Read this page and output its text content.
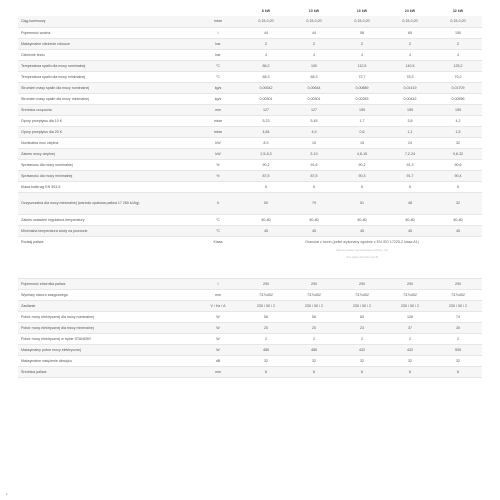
		8 kW	10 kW	16 kW	24 kW	32 kW
Ciąg kominowy	mbar	0,15-0,20	0,15-0,20	0,15-0,20	0,15-0,20	0,15-0,20
Pojemność wodna	l	44	44	58	65	150
Maksymalne ciśnienie robocze	bar	2	2	2	2	2
Ciśnienie testu	bar	4	4	4	4	4
Temperatura spalin dla mocy nominalnej	°C	86,2	100	112,5	140,5	125,2
Temperatura spalin dla mocy minimalnej	°C	68,3	68,3	72,7	78,3	79,2
Strumień masy spalin dla mocy nominalnej	kg/s	0,00542	0,00644	0,00889	0,01419	0,01709
Strumień masy spalin dla mocy minimalnej	kg/s	0,00301	0,00301	0,00283	0,00442	0,00556
Średnica czopucha	mm	127	127	159	159	159
Opory przepływu dla 10 K	mbar	5,23	5,45	1,7	3,8	4,2
Opory przepływu dla 20 K	mbar	4,84	4,9	0,6	1,1	1,5
Nominalna moc cieplna	kW	8,3	10	15	24	32
Zakres mocy cieplnej	kW	2,5-8,3	3-10	4,8-15	7,2-24	9,6-32
Sprawność dla mocy nominalnej	%	90,2	91,6	90,2	91,3	90,6
Sprawność dla mocy minimalnej	%	87,5	87,5	90,3	91,7	90,4
Klasa kotła wg EN 303-5		5	5	5	5	5
Oczyszczalna dla mocy minimalnej (wartość opałowa paliwa 17 280 kJ/kg)	h	50	79	51	48	32
Zakres ustawień regulatora temperatury	°C	50-80	50-80	50-80	50-80	50-80
Minimalna temperatura wody na powrocie	°C	45	45	45	45	45
Rodzaj paliwa	Klasa	Granulat z trocin (pellet wykonany zgodnie z EN ISO 17225-2 klasa A1)
(Zalecane paliwo wyprodukowane w Polsce - A1)
(Inne paliwo dozwolone A2, B)				

Pojemność zbiornika paliwa	l	290	290	290	290	290
Wymiary otworu zasypowego	mm	737x402	737x402	737x402	737x402	737x402
Zasilanie	V / Hz / A	230 / 50 / 2	230 / 50 / 2	230 / 50 / 2	230 / 50 / 2	230 / 50 / 2
Pobór mocy elektrycznej dla mocy nominalnej	W	56	56	83	128	74
Pobór mocy elektrycznej dla mocy minimalnej	W	20	20	23	37	30
Pobór mocy elektrycznej w trybie STANDBY	W	2	2	2	2	2
Maksymalny pobór mocy elektrycznej	W	485	485	432	432	505
Maksymalne natężenie dźwięku	dB	32	32	32	32	32
Średnica paliwa	mm	6	6	6	6	6
•
